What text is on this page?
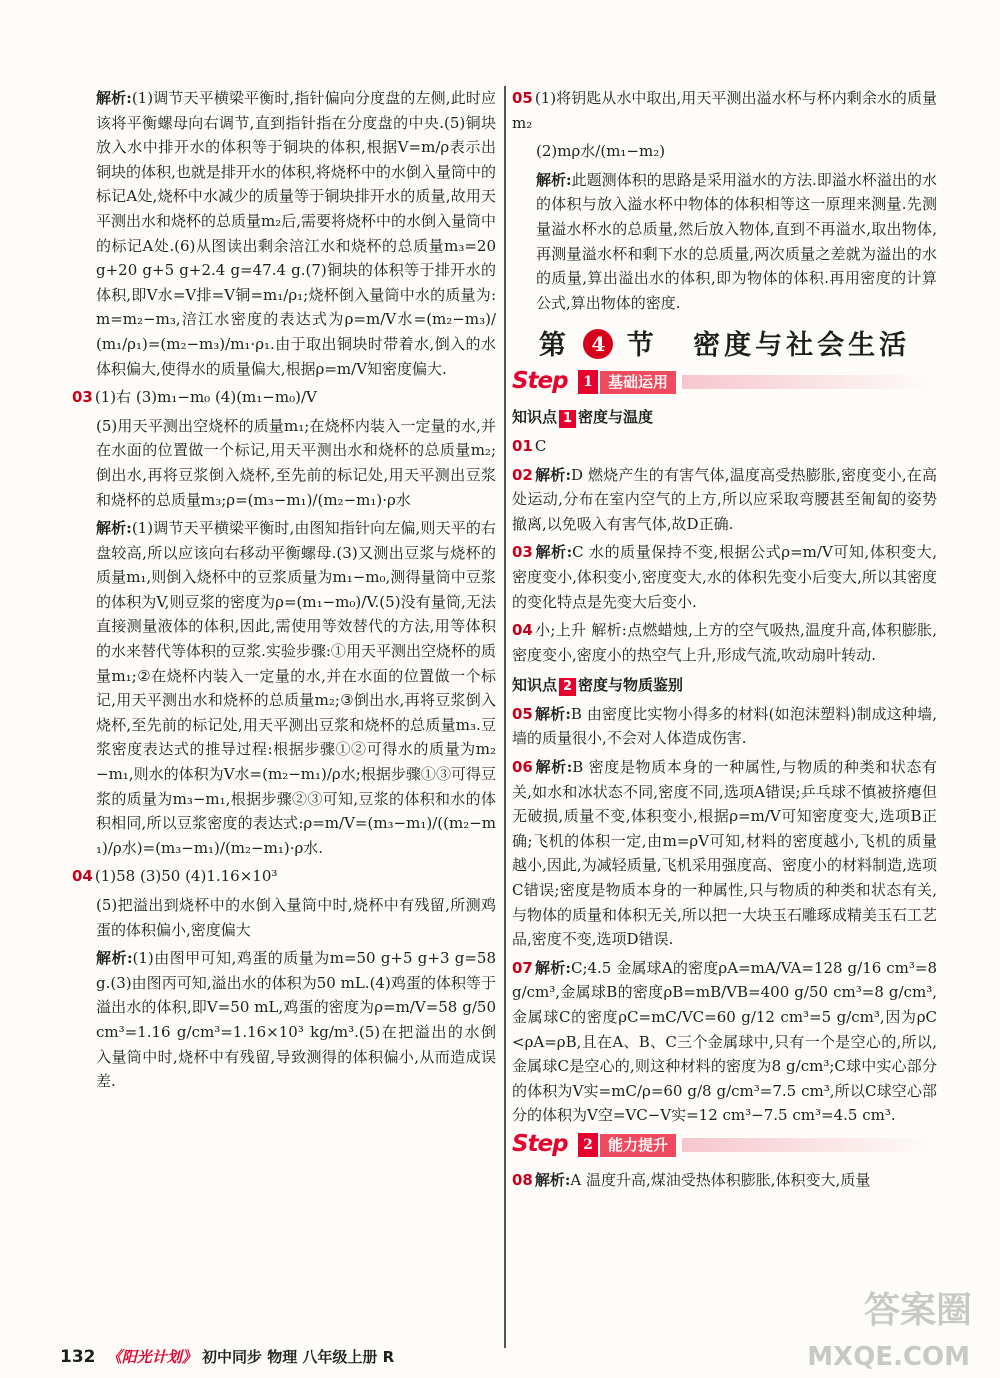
解析:(1)调节天平横梁平衡时,指针偏向分度盘的左侧,此时应该将平衡螺母向右调节,直到指针指在分度盘的中央.(5)铜块放入水中排开水的体积等于铜块的体积,根据V=m/ρ表示出铜块的体积,也就是排开水的体积,将烧杯中的水倒入量筒中的标记A处,烧杯中水减少的质量等于铜块排开水的质量,故用天平测出水和烧杯的总质量m₂后,需要将烧杯中的水倒入量筒中的标记A处.(6)从图读出剩余涪江水和烧杯的总质量m₃=20 g+20 g+5 g+2.4 g=47.4 g.(7)铜块的体积等于排开水的体积,即V水=V排=V铜=m₁/ρ₁;烧杯倒入量筒中水的质量为:m=m₂−m₃,涪江水密度的表达式为ρ=m/V水=(m₂−m₃)/(m₁/ρ₁)=(m₂−m₃)/m₁·ρ₁.由于取出铜块时带着水,倒入的水体积偏大,使得水的质量偏大,根据ρ=m/V知密度偏大.

03 (1)右 (3)m₁−m₀ (4)(m₁−m₀)/V

(5)用天平测出空烧杯的质量m₁;在烧杯内装入一定量的水,并在水面的位置做一个标记,用天平测出水和烧杯的总质量m₂;倒出水,再将豆浆倒入烧杯,至先前的标记处,用天平测出豆浆和烧杯的总质量m₃;ρ=(m₃−m₁)/(m₂−m₁)·ρ水

解析:(1)调节天平横梁平衡时,由图知指针向左偏,则天平的右盘较高,所以应该向右移动平衡螺母.(3)又测出豆浆与烧杯的质量m₁,则倒入烧杯中的豆浆质量为m₁−m₀,测得量筒中豆浆的体积为V,则豆浆的密度为ρ=(m₁−m₀)/V.(5)没有量筒,无法直接测量液体的体积,因此,需使用等效替代的方法,用等体积的水来替代等体积的豆浆.实验步骤:①用天平测出空烧杯的质量m₁;②在烧杯内装入一定量的水,并在水面的位置做一个标记,用天平测出水和烧杯的总质量m₂;③倒出水,再将豆浆倒入烧杯,至先前的标记处,用天平测出豆浆和烧杯的总质量m₃.豆浆密度表达式的推导过程:根据步骤①②可得水的质量为m₂−m₁,则水的体积为V水=(m₂−m₁)/ρ水;根据步骤①③可得豆浆的质量为m₃−m₁,根据步骤②③可知,豆浆的体积和水的体积相同,所以豆浆密度的表达式:ρ=m/V=(m₃−m₁)/((m₂−m₁)/ρ水)=(m₃−m₁)/(m₂−m₁)·ρ水.

04 (1)58 (3)50 (4)1.16×10³

(5)把溢出到烧杯中的水倒入量筒中时,烧杯中有残留,所测鸡蛋的体积偏小,密度偏大

解析:(1)由图甲可知,鸡蛋的质量为m=50 g+5 g+3 g=58 g.(3)由图丙可知,溢出水的体积为50 mL.(4)鸡蛋的体积等于溢出水的体积,即V=50 mL,鸡蛋的密度为ρ=m/V=58 g/50 cm³=1.16 g/cm³=1.16×10³ kg/m³.(5)在把溢出的水倒入量筒中时,烧杯中有残留,导致测得的体积偏小,从而造成误差.

05 (1)将钥匙从水中取出,用天平测出溢水杯与杯内剩余水的质量m₂

(2)mρ水/(m₁−m₂)

解析:此题测体积的思路是采用溢水的方法.即溢水杯溢出的水的体积与放入溢水杯中物体的体积相等这一原理来测量.先测量溢水杯水的总质量,然后放入物体,直到不再溢水,取出物体,再测量溢水杯和剩下水的总质量,两次质量之差就为溢出的水的质量,算出溢出水的体积,即为物体的体积.再用密度的计算公式,算出物体的密度.

第 4 节 密度与社会生活
Step	1	基础运用
知识点 1 密度与温度

01 C

02 解析:D 燃烧产生的有害气体,温度高受热膨胀,密度变小,在高处运动,分布在室内空气的上方,所以应采取弯腰甚至匍匐的姿势撤离,以免吸入有害气体,故D正确.

03 解析:C 水的质量保持不变,根据公式ρ=m/V可知,体积变大,密度变小,体积变小,密度变大,水的体积先变小后变大,所以其密度的变化特点是先变大后变小.

04 小;上升 解析:点燃蜡烛,上方的空气吸热,温度升高,体积膨胀,密度变小,密度小的热空气上升,形成气流,吹动扇叶转动.

知识点 2 密度与物质鉴别

05 解析:B 由密度比实物小得多的材料(如泡沫塑料)制成这种墙,墙的质量很小,不会对人体造成伤害.

06 解析:B 密度是物质本身的一种属性,与物质的种类和状态有关,如水和冰状态不同,密度不同,选项A错误;乒乓球不慎被挤瘪但无破损,质量不变,体积变小,根据ρ=m/V可知密度变大,选项B正确;飞机的体积一定,由m=ρV可知,材料的密度越小,飞机的质量越小,因此,为减轻质量,飞机采用强度高、密度小的材料制造,选项C错误;密度是物质本身的一种属性,只与物质的种类和状态有关,与物体的质量和体积无关,所以把一大块玉石雕琢成精美玉石工艺品,密度不变,选项D错误.

07 解析:C;4.5 金属球A的密度ρA=mA/VA=128 g/16 cm³=8 g/cm³,金属球B的密度ρB=mB/VB=400 g/50 cm³=8 g/cm³,金属球C的密度ρC=mC/VC=60 g/12 cm³=5 g/cm³,因为ρC<ρA=ρB,且在A、B、C三个金属球中,只有一个是空心的,所以,金属球C是空心的,则这种材料的密度为8 g/cm³;C球中实心部分的体积为V实=mC/ρ=60 g/8 g/cm³=7.5 cm³,所以C球空心部分的体积为V空=VC−V实=12 cm³−7.5 cm³=4.5 cm³.

Step	2	能力提升

08 解析:A 温度升高,煤油受热体积膨胀,体积变大,质量

132 《阳光计划》 初中同步 物理 八年级上册 R
答案圈
MXQE.COM
